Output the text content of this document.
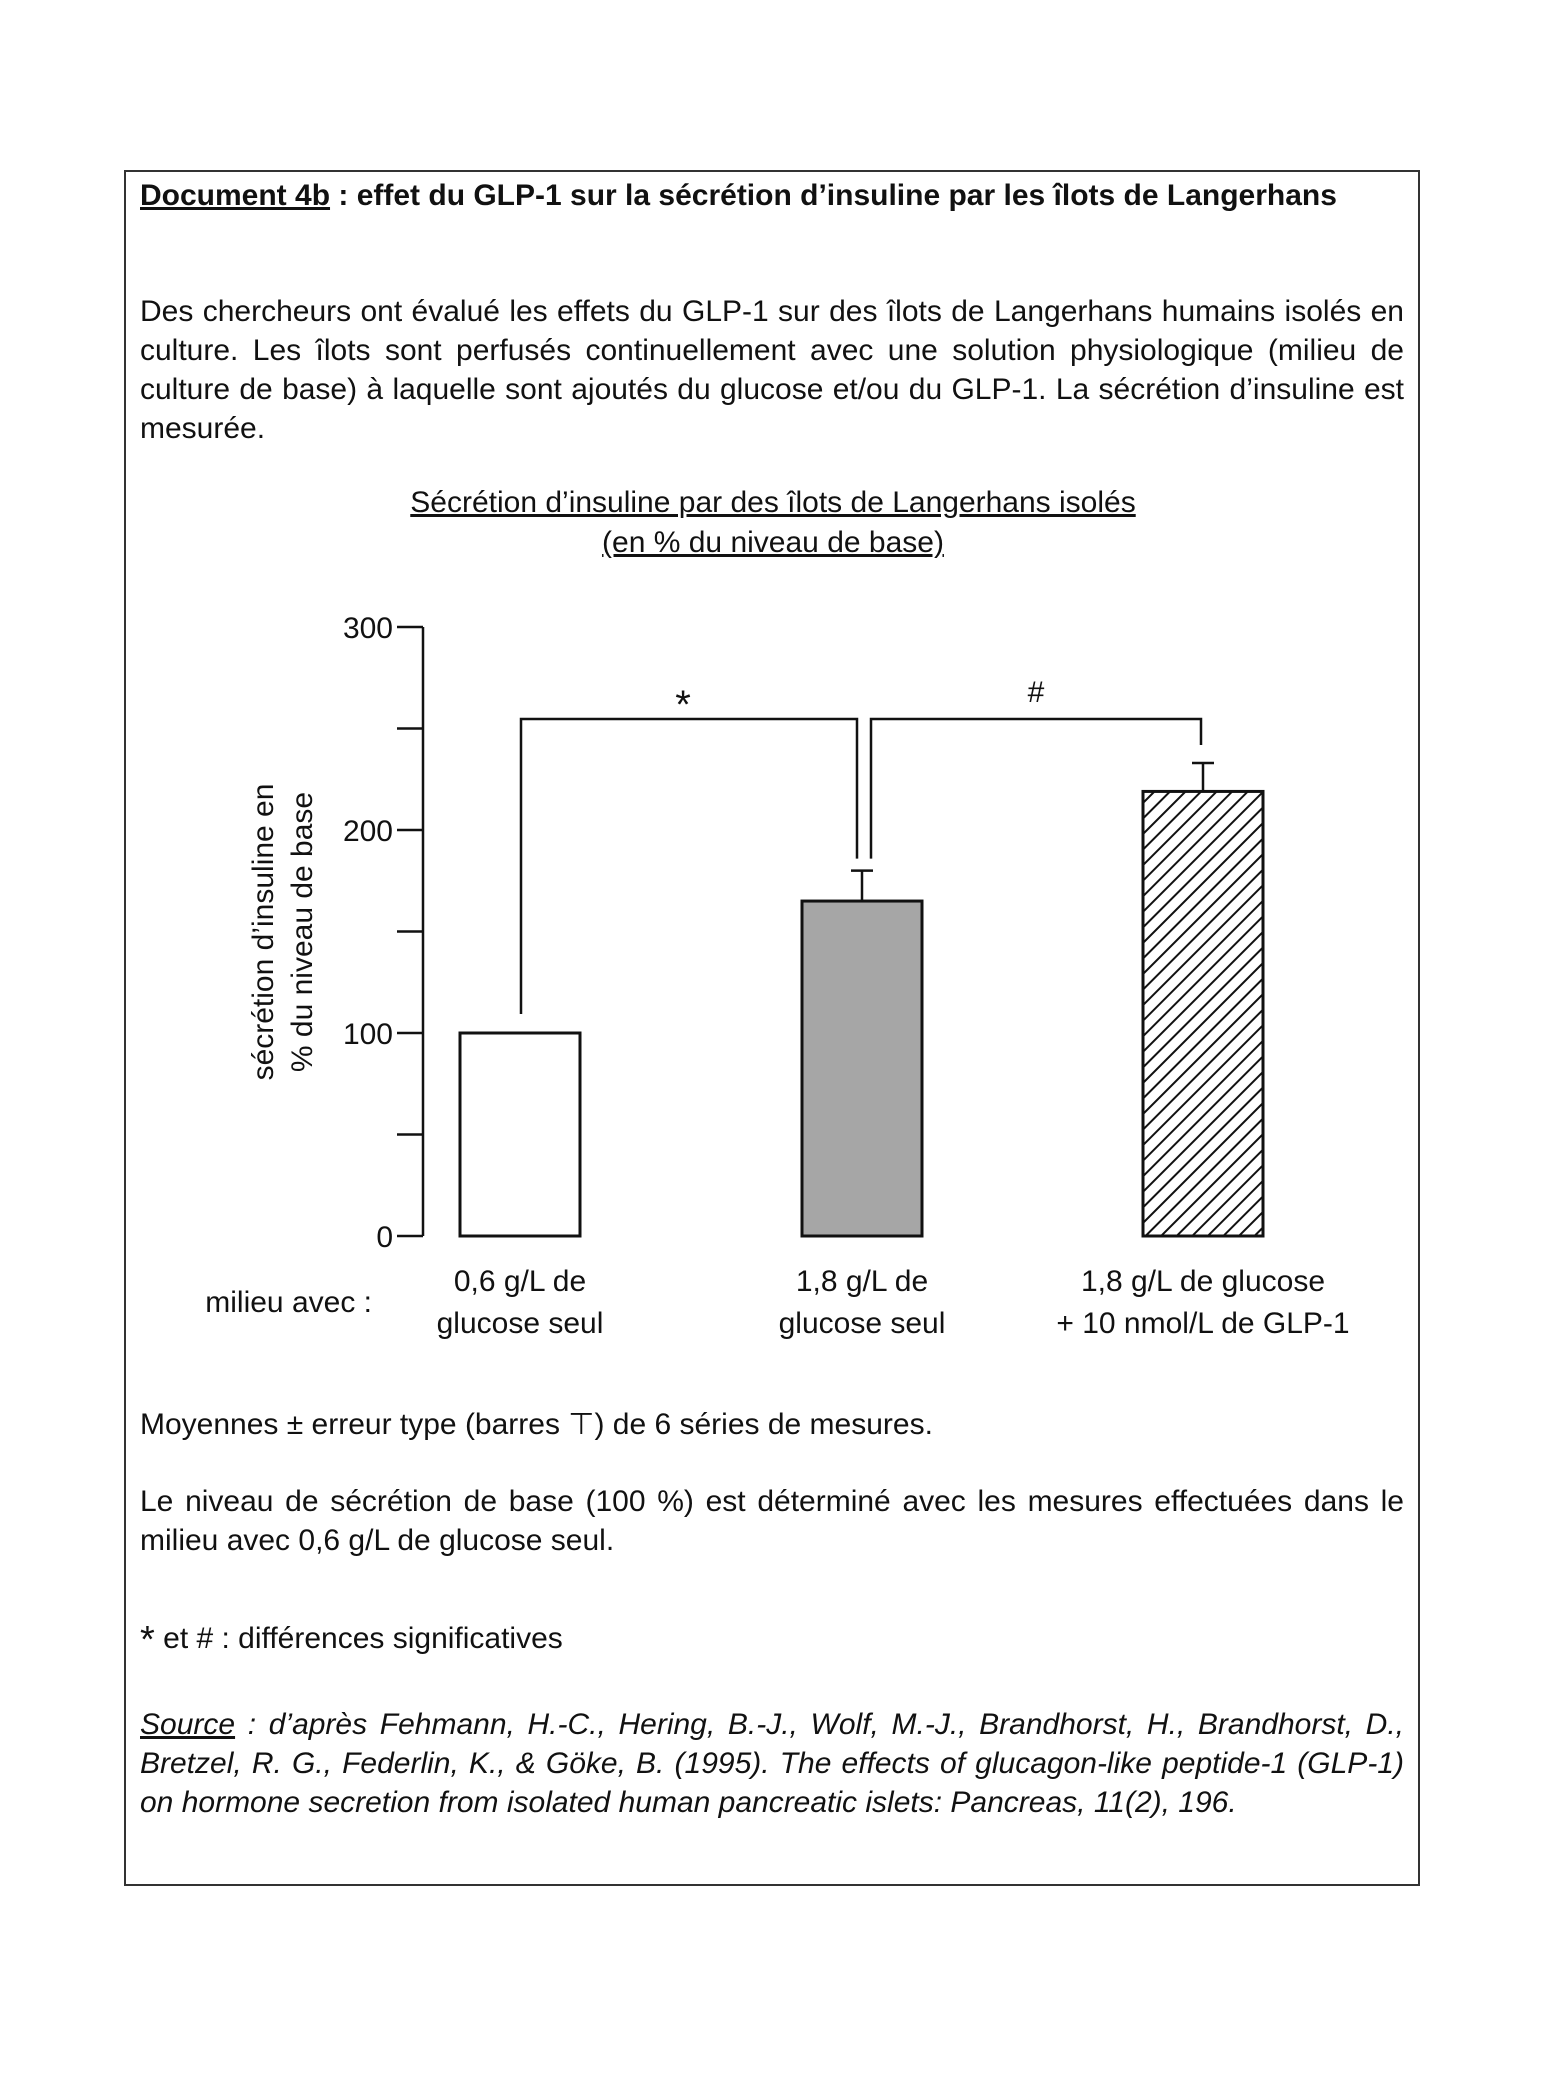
Document 4b : effet du GLP-1 sur la sécrétion d’insuline par les îlots de Langerhans

Des chercheurs ont évalué les effets du GLP-1 sur des îlots de Langerhans humains isolés en culture. Les îlots sont perfusés continuellement avec une solution physiologique (milieu de culture de base) à laquelle sont ajoutés du glucose et/ou du GLP-1. La sécrétion d’insuline est mesurée.

Sécrétion d’insuline par des îlots de Langerhans isolés
(en % du niveau de base)

0
100
200
300
sécrétion d’insuline en % du niveau de base
*	#
milieu avec :
0,6 g/L de
glucose seul
1,8 g/L de
glucose seul
1,8 g/L de glucose
+ 10 nmol/L de GLP-1

Moyennes ± erreur type (barres ⊤) de 6 séries de mesures.

Le niveau de sécrétion de base (100 %) est déterminé avec les mesures effectuées dans le milieu avec 0,6 g/L de glucose seul.

* et # : différences significatives

Source : d’après Fehmann, H.-C., Hering, B.-J., Wolf, M.-J., Brandhorst, H., Brandhorst, D., Bretzel, R. G., Federlin, K., & Göke, B. (1995). The effects of glucagon-like peptide-1 (GLP-1) on hormone secretion from isolated human pancreatic islets: Pancreas, 11(2), 196.
